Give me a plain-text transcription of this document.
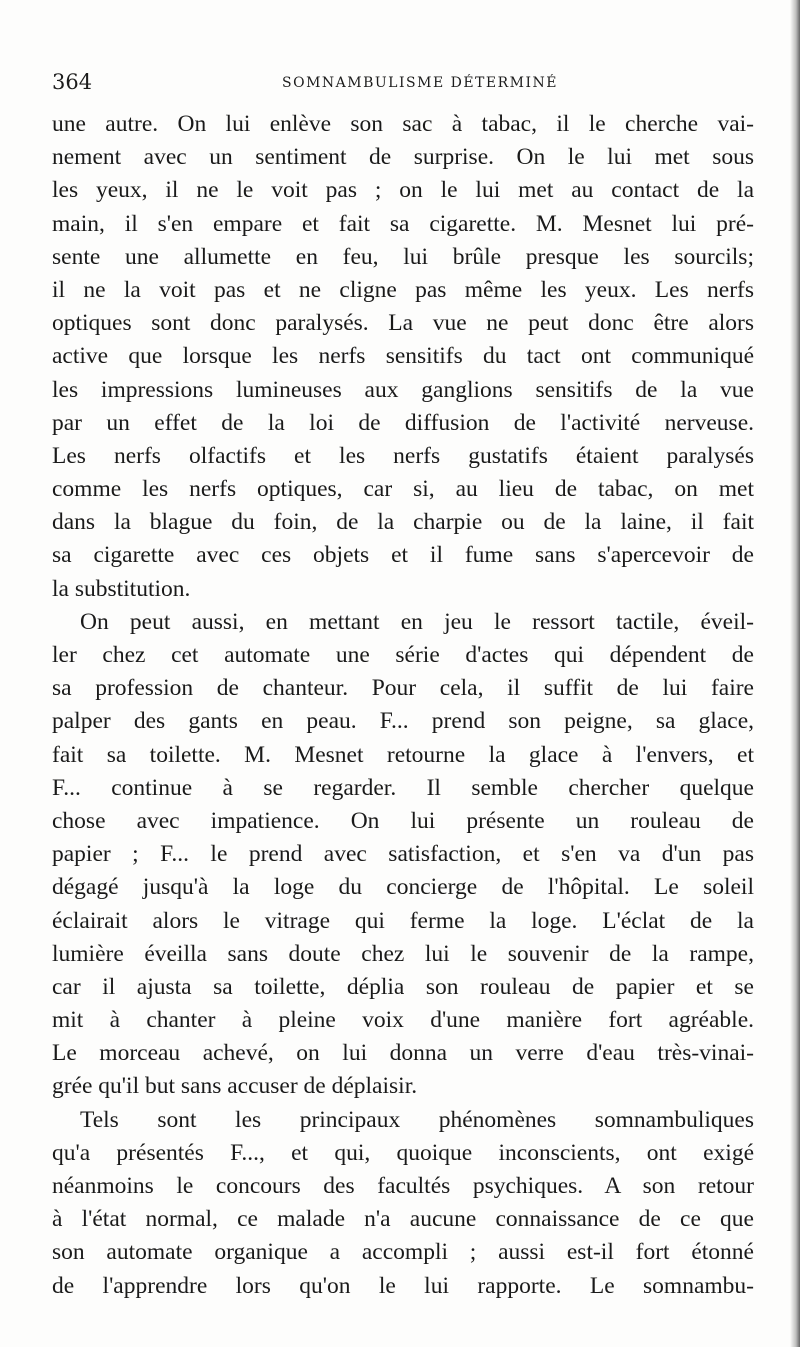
364	SOMNAMBULISME DÉTERMINÉ
une autre. On lui enlève son sac à tabac, il le cherche vai-
nement avec un sentiment de surprise. On le lui met sous
les yeux, il ne le voit pas ; on le lui met au contact de la
main, il s'en empare et fait sa cigarette. M. Mesnet lui pré-
sente une allumette en feu, lui brûle presque les sourcils;
il ne la voit pas et ne cligne pas même les yeux. Les nerfs
optiques sont donc paralysés. La vue ne peut donc être alors
active que lorsque les nerfs sensitifs du tact ont communiqué
les impressions lumineuses aux ganglions sensitifs de la vue
par un effet de la loi de diffusion de l'activité nerveuse.
Les nerfs olfactifs et les nerfs gustatifs étaient paralysés
comme les nerfs optiques, car si, au lieu de tabac, on met
dans la blague du foin, de la charpie ou de la laine, il fait
sa cigarette avec ces objets et il fume sans s'apercevoir de
la substitution.
On peut aussi, en mettant en jeu le ressort tactile, éveil-
ler chez cet automate une série d'actes qui dépendent de
sa profession de chanteur. Pour cela, il suffit de lui faire
palper des gants en peau. F... prend son peigne, sa glace,
fait sa toilette. M. Mesnet retourne la glace à l'envers, et
F... continue à se regarder. Il semble chercher quelque
chose avec impatience. On lui présente un rouleau de
papier ; F... le prend avec satisfaction, et s'en va d'un pas
dégagé jusqu'à la loge du concierge de l'hôpital. Le soleil
éclairait alors le vitrage qui ferme la loge. L'éclat de la
lumière éveilla sans doute chez lui le souvenir de la rampe,
car il ajusta sa toilette, déplia son rouleau de papier et se
mit à chanter à pleine voix d'une manière fort agréable.
Le morceau achevé, on lui donna un verre d'eau très-vinai-
grée qu'il but sans accuser de déplaisir.
Tels sont les principaux phénomènes somnambuliques
qu'a présentés F..., et qui, quoique inconscients, ont exigé
néanmoins le concours des facultés psychiques. A son retour
à l'état normal, ce malade n'a aucune connaissance de ce que
son automate organique a accompli ; aussi est-il fort étonné
de l'apprendre lors qu'on le lui rapporte. Le somnambu-
